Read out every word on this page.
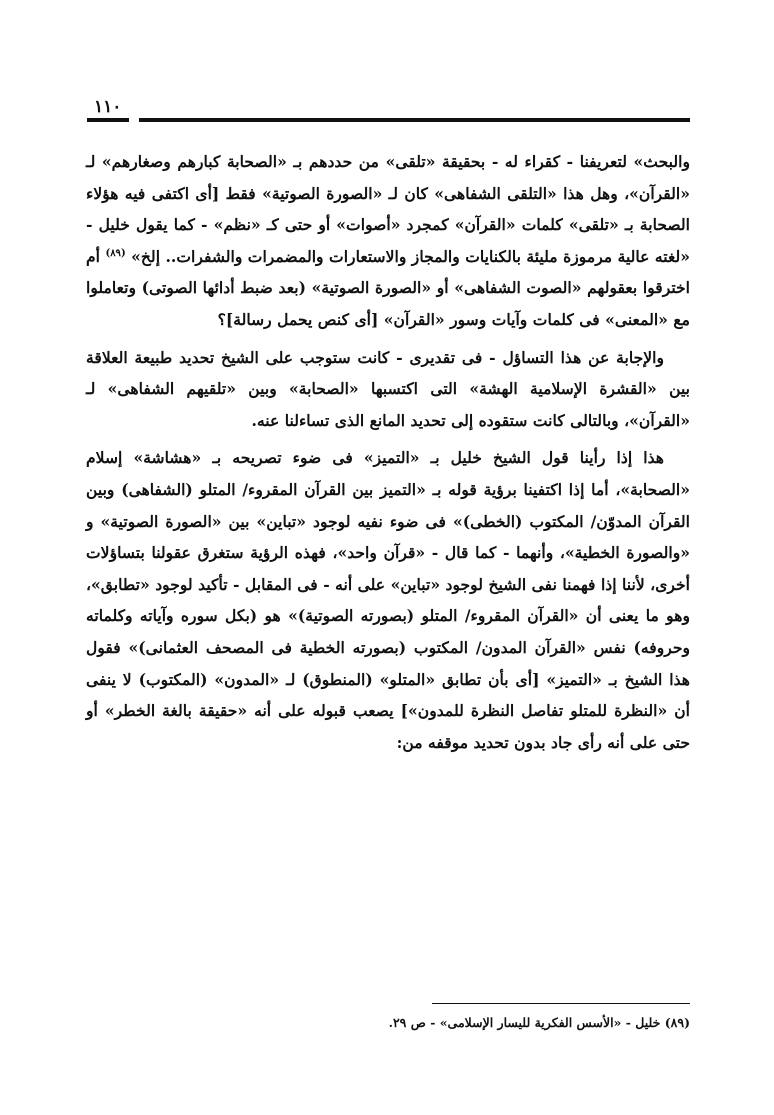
١١٠

والبحث» لتعريفنا - كقراء له - بحقيقة «تلقى» من حددهم بـ «الصحابة كبارهم وصغارهم» لـ «القرآن»، وهل هذا «التلقى الشفاهى» كان لـ «الصورة الصوتية» فقط [أى اكتفى فيه هؤلاء الصحابة بـ «تلقى» كلمات «القرآن» كمجرد «أصوات» أو حتى كـ «نظم» - كما يقول خليل - «لغته عالية مرموزة مليئة بالكنايات والمجاز والاستعارات والمضمرات والشفرات.. إلخ» $^{(٨٩)}$ أم اخترقوا بعقولهم «الصوت الشفاهى» أو «الصورة الصوتية» (بعد ضبط أدائها الصوتى) وتعاملوا مع «المعنى» فى كلمات وآيات وسور «القرآن» [أى كنص يحمل رسالة]؟

والإجابة عن هذا التساؤل - فى تقديرى - كانت ستوجب على الشيخ تحديد طبيعة العلاقة بين «القشرة الإسلامية الهشة» التى اكتسبها «الصحابة» وبين «تلقيهم الشفاهى» لـ «القرآن»، وبالتالى كانت ستقوده إلى تحديد المانع الذى تساءلنا عنه.

هذا إذا رأينا قول الشيخ خليل بـ «التميز» فى ضوء تصريحه بـ «هشاشة» إسلام «الصحابة»، أما إذا اكتفينا برؤية قوله بـ «التميز بين القرآن المقروء/ المتلو (الشفاهى) وبين القرآن المدوّن/ المكتوب (الخطى)» فى ضوء نفيه لوجود «تباين» بين «الصورة الصوتية» و «والصورة الخطية»، وأنهما - كما قال - «قرآن واحد»، فهذه الرؤية ستغرق عقولنا بتساؤلات أخرى، لأننا إذا فهمنا نفى الشيخ لوجود «تباين» على أنه - فى المقابل - تأكيد لوجود «تطابق»، وهو ما يعنى أن «القرآن المقروء/ المتلو (بصورته الصوتية)» هو (بكل سوره وآياته وكلماته وحروفه) نفس «القرآن المدون/ المكتوب (بصورته الخطية فى المصحف العثمانى)» فقول هذا الشيخ بـ «التميز» [أى بأن تطابق «المتلو» (المنطوق) لـ «المدون» (المكتوب) لا ينفى أن «النظرة للمتلو تفاصل النظرة للمدون»] يصعب قبوله على أنه «حقيقة بالغة الخطر» أو حتى على أنه رأى جاد بدون تحديد موقفه من:

(٨٩) خليل - «الأسس الفكرية لليسار الإسلامى» - ص ٢٩.
